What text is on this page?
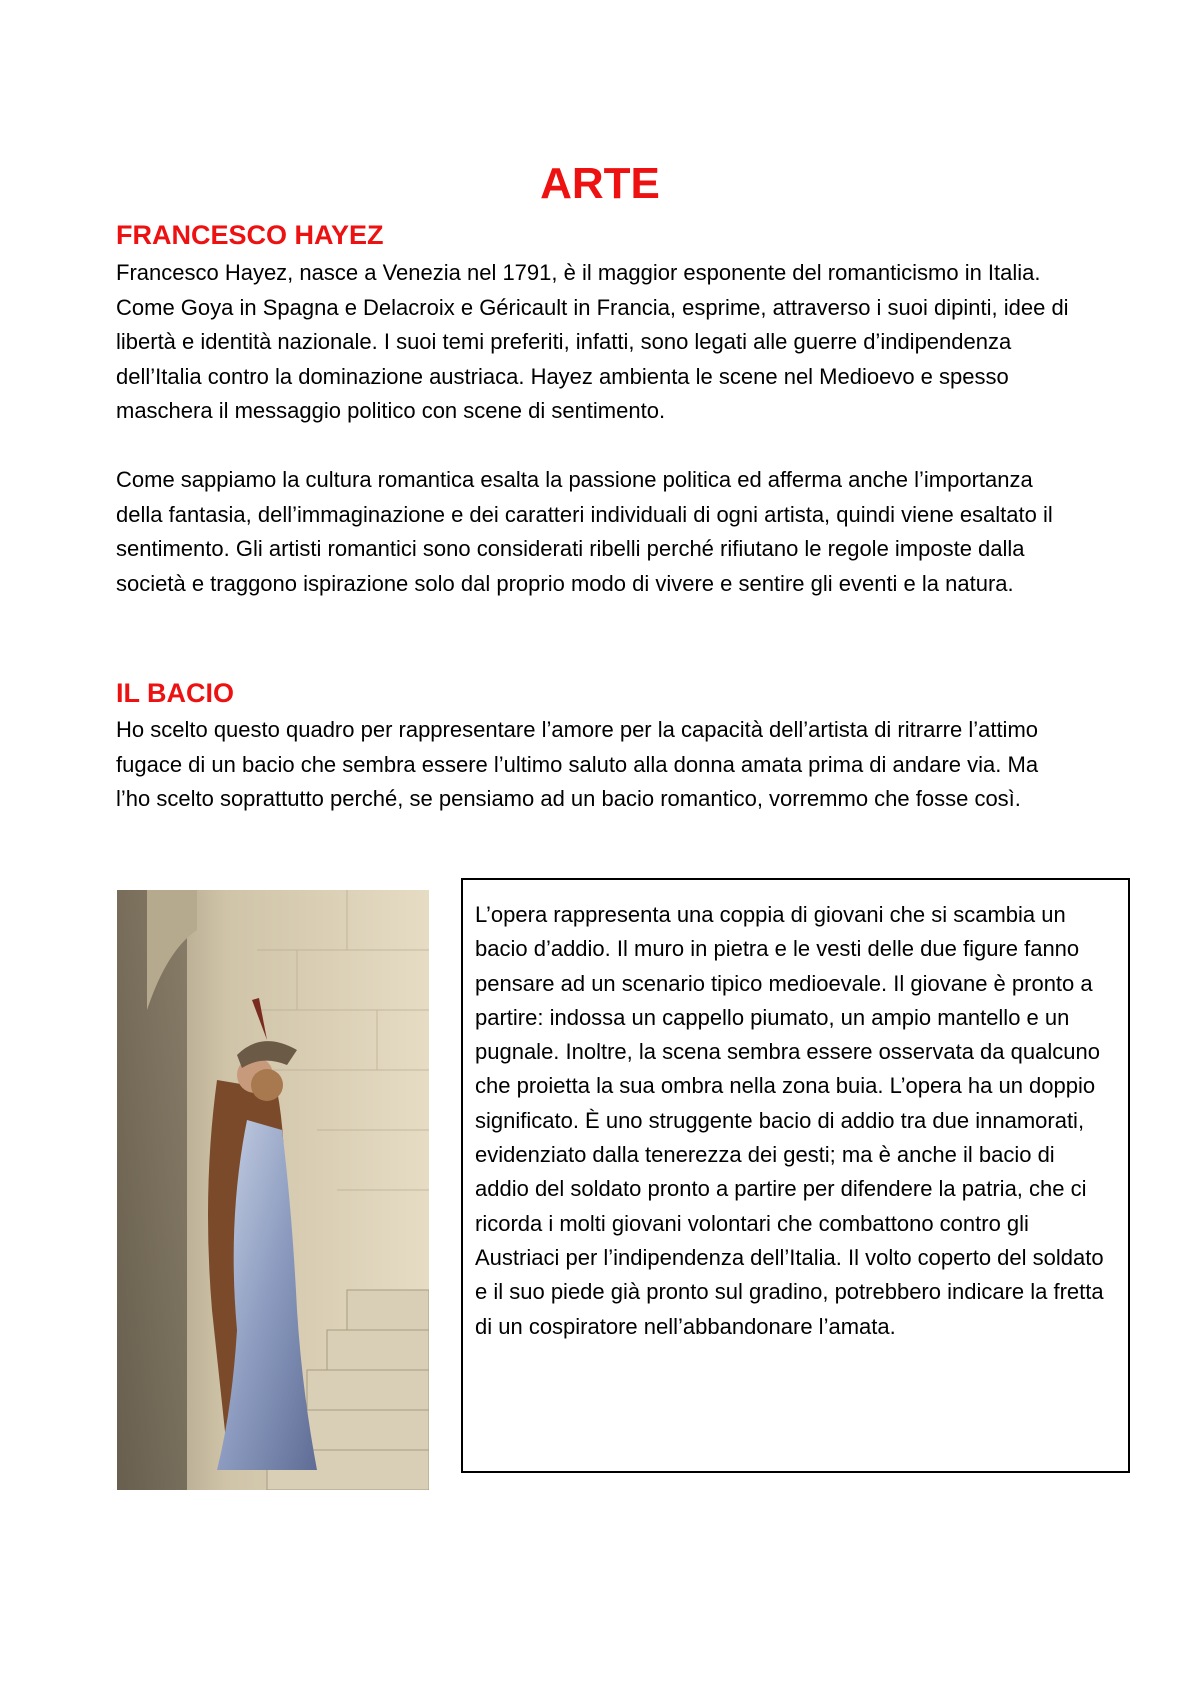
ARTE
FRANCESCO HAYEZ

Francesco Hayez, nasce a Venezia nel 1791, è il maggior esponente del romanticismo in Italia. Come Goya in Spagna e Delacroix e Géricault in Francia, esprime, attraverso i suoi dipinti, idee di libertà e identità nazionale. I suoi temi preferiti, infatti, sono legati alle guerre d’indipendenza dell’Italia contro la dominazione austriaca. Hayez ambienta le scene nel Medioevo e spesso maschera il messaggio politico con scene di sentimento.

Come sappiamo la cultura romantica esalta la passione politica ed afferma anche l’importanza della fantasia, dell’immaginazione e dei caratteri individuali di ogni artista, quindi viene esaltato il sentimento. Gli artisti romantici sono considerati ribelli perché rifiutano le regole imposte dalla società e traggono ispirazione solo dal proprio modo di vivere e sentire gli eventi e la natura.

IL BACIO

Ho scelto questo quadro per rappresentare l’amore per la capacità dell’artista di ritrarre l’attimo fugace di un bacio che sembra essere l’ultimo saluto alla donna amata prima di andare via. Ma l’ho scelto soprattutto perché, se pensiamo ad un bacio romantico, vorremmo che fosse così.

L’opera rappresenta una coppia di giovani che si scambia un bacio d’addio. Il muro in pietra e le vesti delle due figure fanno pensare ad un scenario tipico medioevale. Il giovane è pronto a partire: indossa un cappello piumato, un ampio mantello e un pugnale. Inoltre, la scena sembra essere osservata da qualcuno che proietta la sua ombra nella zona buia. L’opera ha un doppio significato. È uno struggente bacio di addio tra due innamorati, evidenziato dalla tenerezza dei gesti; ma è anche il bacio di addio del soldato pronto a partire per difendere la patria, che ci ricorda i molti giovani volontari che combattono contro gli Austriaci per l’indipendenza dell’Italia. Il volto coperto del soldato e il suo piede già pronto sul gradino, potrebbero indicare la fretta di un cospiratore nell’abbandonare l’amata.
